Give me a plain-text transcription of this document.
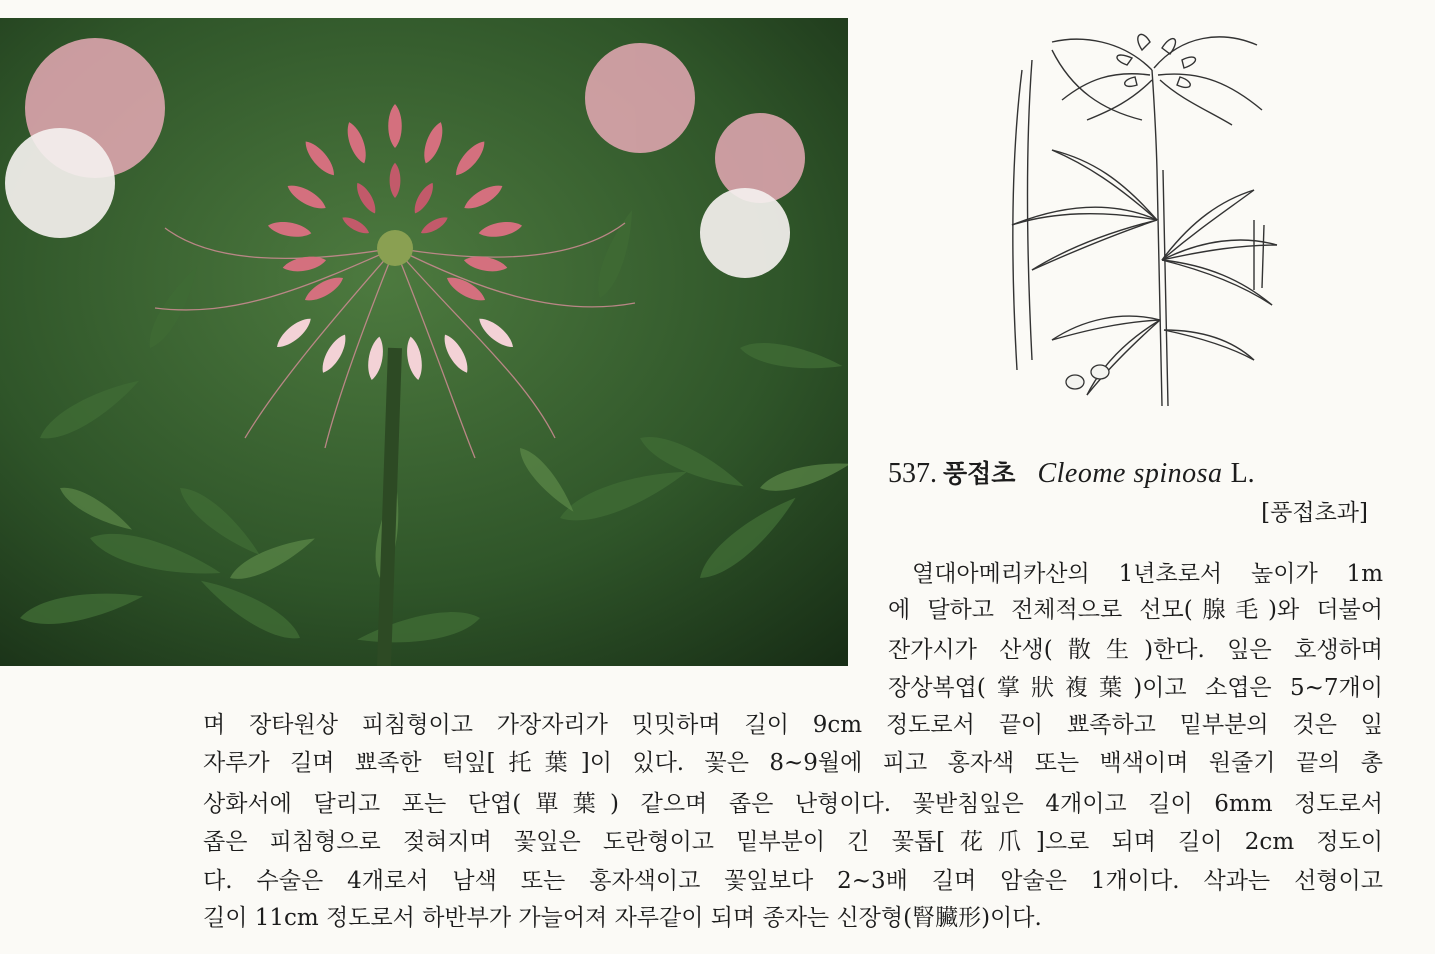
537. 풍접초 Cleome spinosa L.
[풍접초과]
열대아메리카산의 1년초로서 높이가 1m
에 달하고 전체적으로 선모(腺毛)와 더불어
잔가시가 산생(散生)한다. 잎은 호생하며
장상복엽(掌狀複葉)이고 소엽은 5~7개이
며 장타원상 피침형이고 가장자리가 밋밋하며 길이 9cm 정도로서 끝이 뾰족하고 밑부분의 것은 잎
자루가 길며 뾰족한 턱잎[托葉]이 있다. 꽃은 8~9월에 피고 홍자색 또는 백색이며 원줄기 끝의 총
상화서에 달리고 포는 단엽(單葉) 같으며 좁은 난형이다. 꽃받침잎은 4개이고 길이 6mm 정도로서
좁은 피침형으로 젖혀지며 꽃잎은 도란형이고 밑부분이 긴 꽃톱[花爪]으로 되며 길이 2cm 정도이
다. 수술은 4개로서 남색 또는 홍자색이고 꽃잎보다 2~3배 길며 암술은 1개이다. 삭과는 선형이고
길이 11cm 정도로서 하반부가 가늘어져 자루같이 되며 종자는 신장형(腎臟形)이다.
